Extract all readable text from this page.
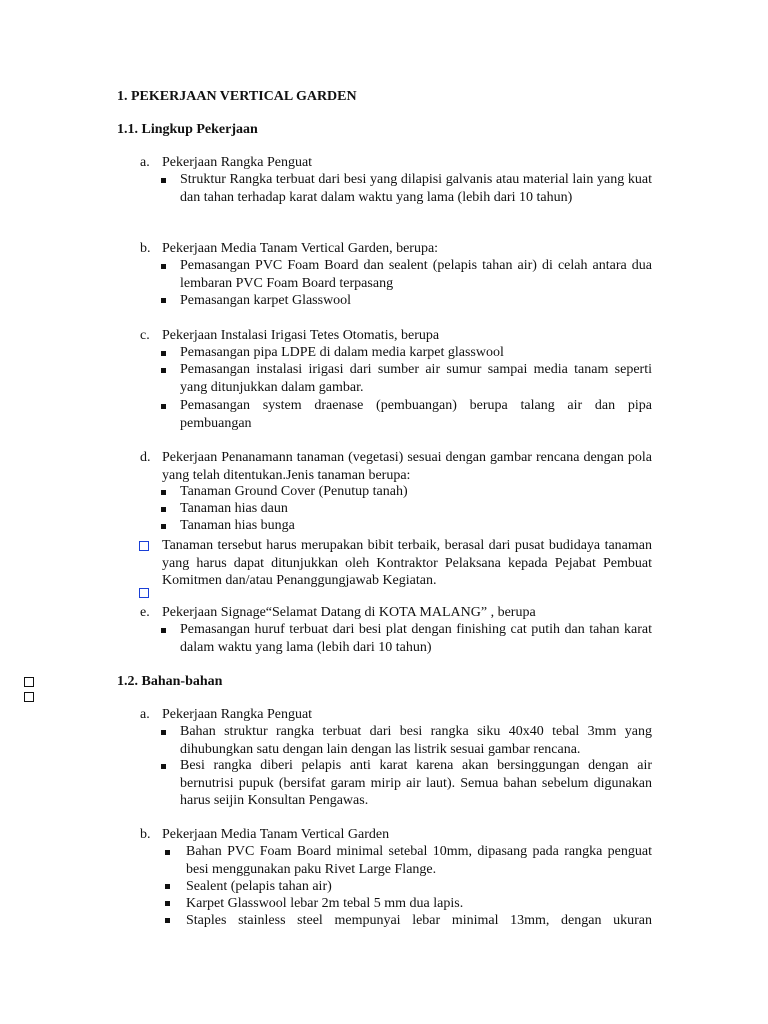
1. PEKERJAAN VERTICAL GARDEN
1.1. Lingkup Pekerjaan
a. Pekerjaan Rangka Penguat
Struktur Rangka terbuat dari besi yang dilapisi galvanis atau material lain yang kuat dan tahan terhadap karat dalam waktu yang lama (lebih dari 10 tahun)
b. Pekerjaan Media Tanam Vertical Garden, berupa:
Pemasangan PVC Foam Board dan sealent (pelapis tahan air) di celah antara dua lembaran PVC Foam Board terpasang
Pemasangan karpet Glasswool
c. Pekerjaan Instalasi Irigasi Tetes Otomatis, berupa
Pemasangan pipa LDPE di dalam media karpet glasswool
Pemasangan instalasi irigasi dari sumber air sumur sampai media tanam seperti yang ditunjukkan dalam gambar.
Pemasangan system draenase (pembuangan) berupa talang air dan pipa pembuangan
d. Pekerjaan Penanamann tanaman (vegetasi) sesuai dengan gambar rencana dengan pola yang telah ditentukan.Jenis tanaman berupa:
Tanaman Ground Cover (Penutup tanah)
Tanaman hias daun
Tanaman hias bunga
Tanaman tersebut harus merupakan bibit terbaik, berasal dari pusat budidaya tanaman yang harus dapat ditunjukkan oleh Kontraktor Pelaksana kepada Pejabat Pembuat Komitmen dan/atau Penanggungjawab Kegiatan.
e. Pekerjaan Signage“Selamat Datang di KOTA MALANG” , berupa
Pemasangan huruf terbuat dari besi plat dengan finishing cat putih dan tahan karat dalam waktu yang lama (lebih dari 10 tahun)
1.2. Bahan-bahan
a. Pekerjaan Rangka Penguat
Bahan struktur rangka terbuat dari besi rangka siku 40x40 tebal 3mm yang dihubungkan satu dengan lain dengan las listrik sesuai gambar rencana.
Besi rangka diberi pelapis anti karat karena akan bersinggungan dengan air bernutrisi pupuk (bersifat garam mirip air laut). Semua bahan sebelum digunakan harus seijin Konsultan Pengawas.
b. Pekerjaan Media Tanam Vertical Garden
Bahan PVC Foam Board minimal setebal 10mm, dipasang pada rangka penguat besi menggunakan paku Rivet Large Flange.
Sealent (pelapis tahan air)
Karpet Glasswool lebar 2m tebal 5 mm dua lapis.
Staples stainless steel mempunyai lebar minimal 13mm, dengan ukuran
